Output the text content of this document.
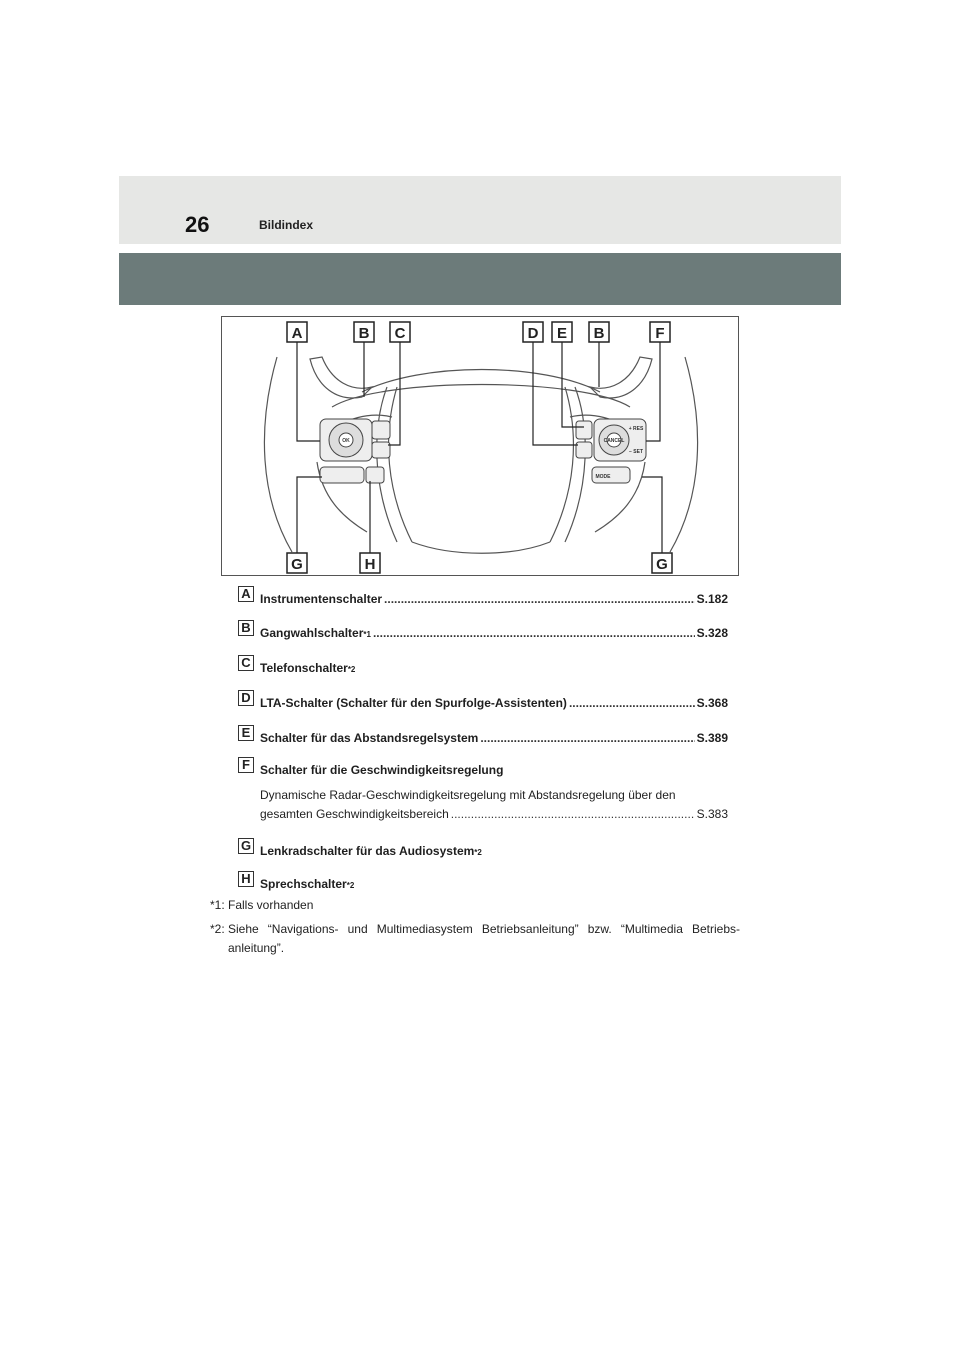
26	Bildindex
OK	CANCEL
+ RES
− SET
MODE
A	B C	D E B	F
G	H	G
A Instrumentenschalter .....	S.182
B Gangwahlschalter *1 .....	S.328
C Telefonschalter *2
D LTA-Schalter (Schalter für den Spurfolge-Assistenten) .....	S.368
E Schalter für das Abstandsregelsystem .....	S.389
F Schalter für die Geschwindigkeitsregelung
Dynamische Radar-Geschwindigkeitsregelung mit Abstandsregelung über den
gesamten Geschwindigkeitsbereich .....	S.383
G Lenkradschalter für das Audiosystem *2
H Sprechschalter *2
*1: Falls vorhanden
*2: Siehe “Navigations- und Multimediasystem Betriebsanleitung” bzw. “Multimedia Betriebs-anleitung”.
